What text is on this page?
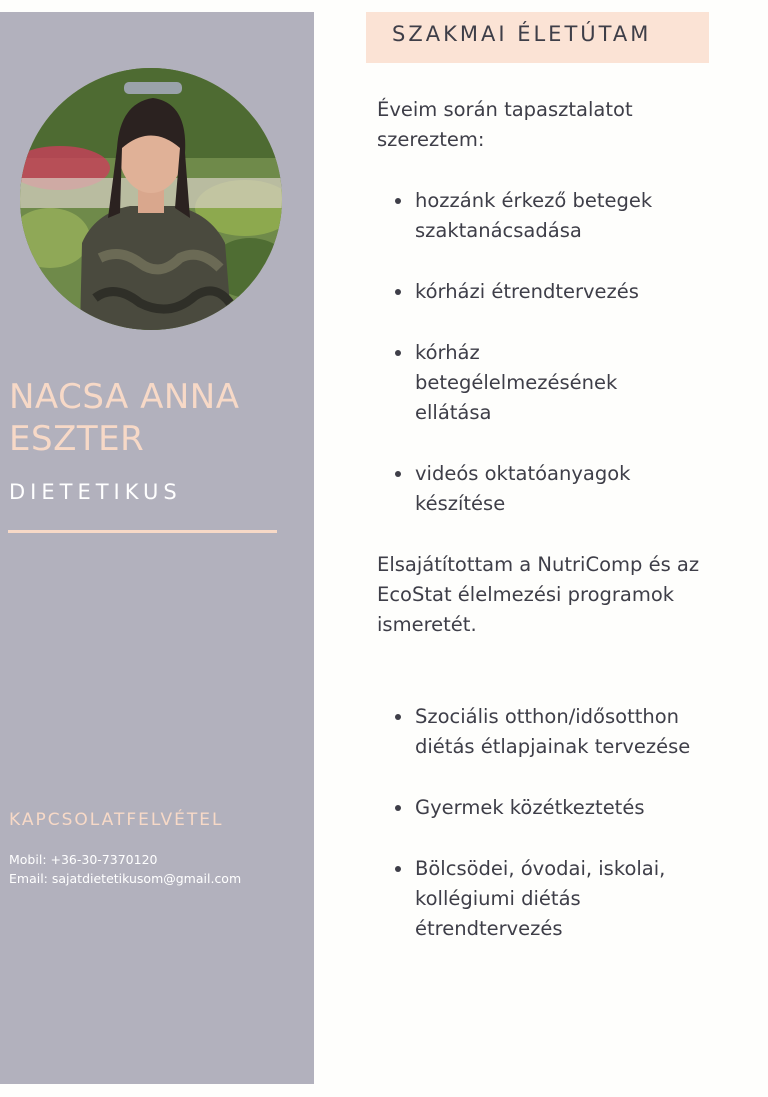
NACSA ANNA ESZTER
DIETETIKUS
KAPCSOLATFELVÉTEL
Mobil: +36-30-7370120
Email: sajatdietetikusom@gmail.com
SZAKMAI ÉLETÚTAM

Éveim során tapasztalatot szereztem:

hozzánk érkező betegek szaktanácsadása
kórházi étrendtervezés
kórház betegélelmezésének ellátása
videós oktatóanyagok készítése

Elsajátítottam a NutriComp és az EcoStat élelmezési programok ismeretét.

Szociális otthon/idősotthon diétás étlapjainak tervezése
Gyermek közétkeztetés
Bölcsödei, óvodai, iskolai, kollégiumi diétás étrendtervezés
